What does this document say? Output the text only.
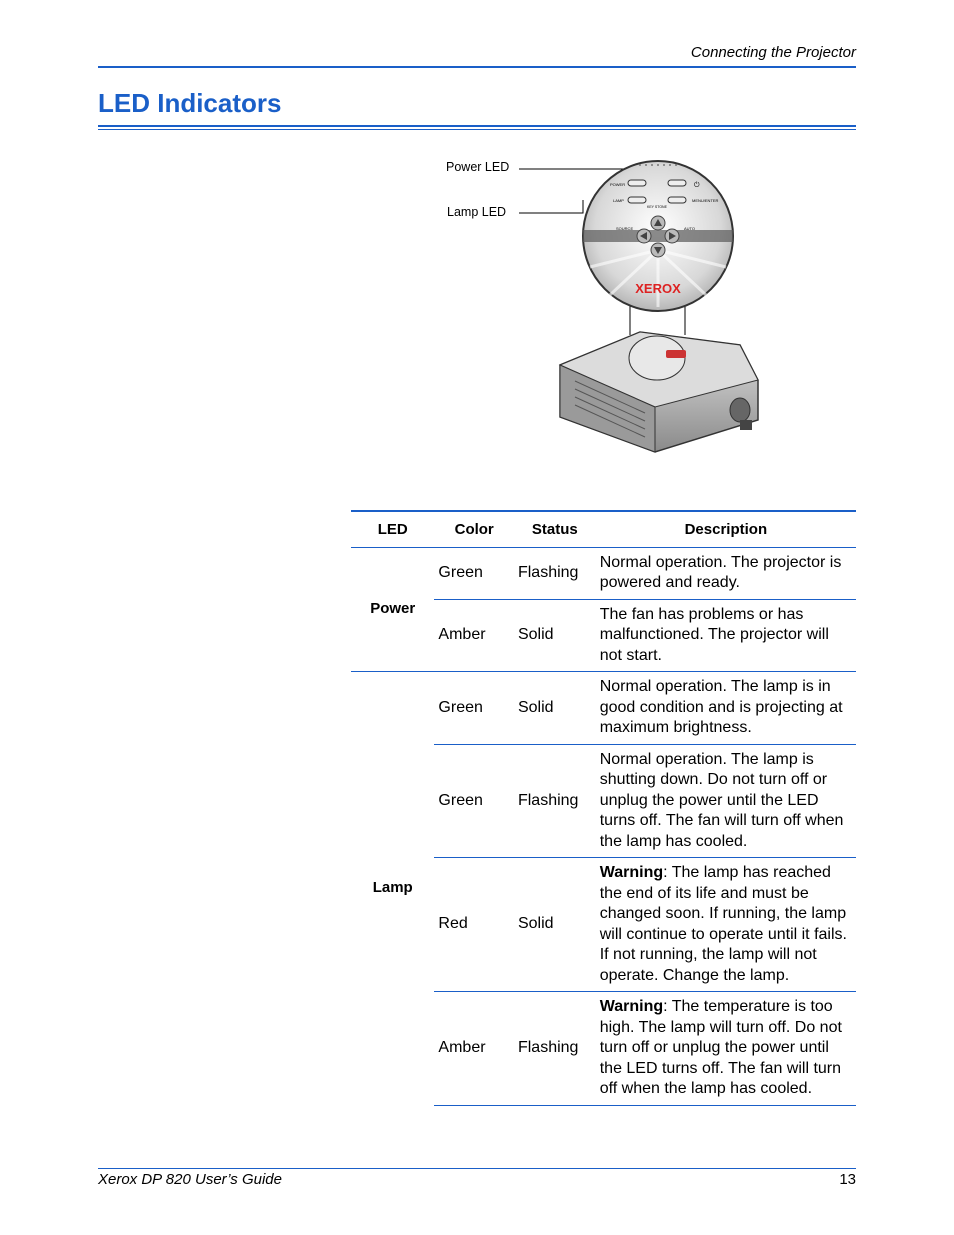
Connecting the Projector
LED Indicators
Power LED
Lamp LED
POWER
LAMP	MENU/ENTER
KEY STONE
SOURCE	AUTO
⏻
XEROX
LED	Color	Status	Description
Power	Green	Flashing	Normal operation. The projector is powered and ready.
	Amber	Solid	The fan has problems or has malfunctioned. The projector will not start.
Lamp	Green	Solid	Normal operation. The lamp is in good condition and is projecting at maximum brightness.
	Green	Flashing	Normal operation. The lamp is shutting down. Do not turn off or unplug the power until the LED turns off. The fan will turn off when the lamp has cooled.
	Red	Solid	Warning: The lamp has reached the end of its life and must be changed soon. If running, the lamp will continue to operate until it fails. If not running, the lamp will not operate. Change the lamp.
	Amber	Flashing	Warning: The temperature is too high. The lamp will turn off. Do not turn off or unplug the power until the LED turns off. The fan will turn off when the lamp has cooled.
Xerox DP 820 User’s Guide	13
